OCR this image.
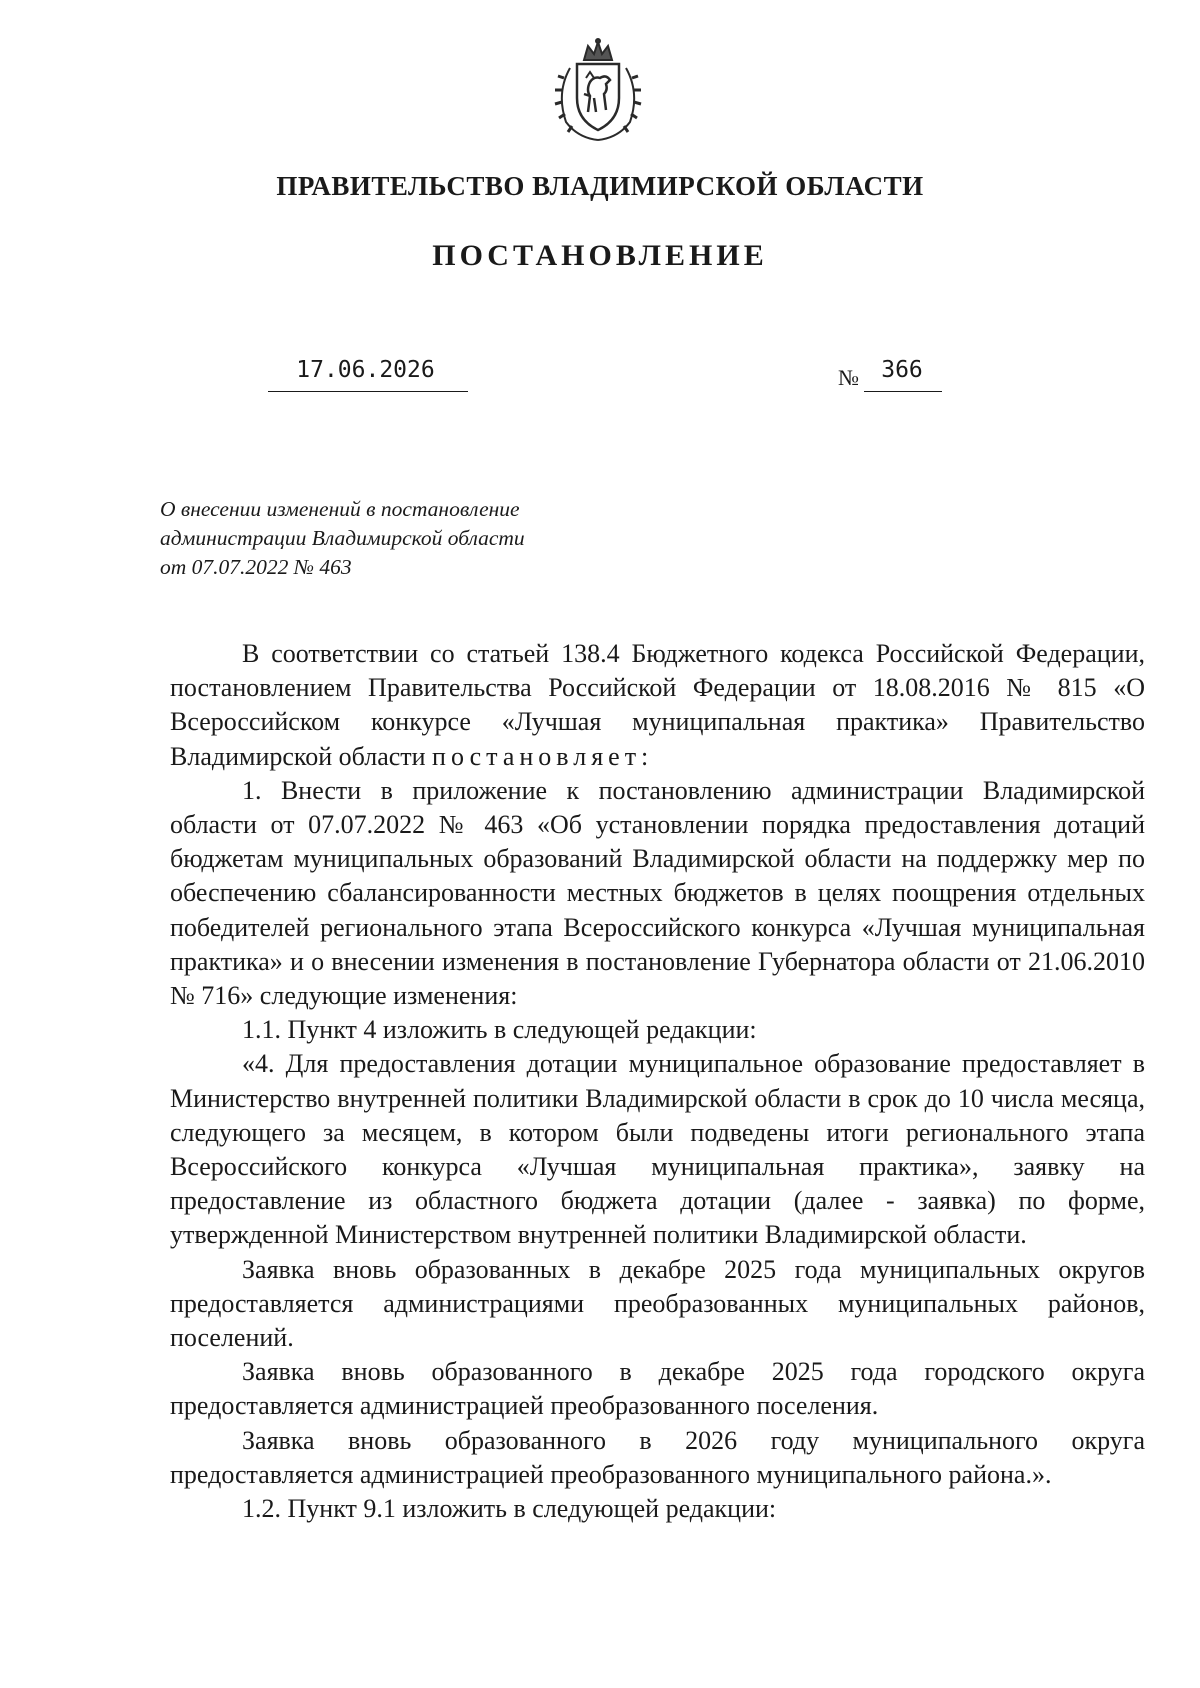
ПРАВИТЕЛЬСТВО ВЛАДИМИРСКОЙ ОБЛАСТИ
ПОСТАНОВЛЕНИЕ
17.06.2026	№ 366
О внесении изменений в постановление
администрации Владимирской области
от 07.07.2022 № 463

В соответствии со статьей 138.4 Бюджетного кодекса Российской Федерации, постановлением Правительства Российской Федерации от 18.08.2016 № 815 «О Всероссийском конкурсе «Лучшая муниципальная практика» Правительство Владимирской области постановляет:

1. Внести в приложение к постановлению администрации Владимирской области от 07.07.2022 № 463 «Об установлении порядка предоставления дотаций бюджетам муниципальных образований Владимирской области на поддержку мер по обеспечению сбалансированности местных бюджетов в целях поощрения отдельных победителей регионального этапа Всероссийского конкурса «Лучшая муниципальная практика» и о внесении изменения в постановление Губернатора области от 21.06.2010 № 716» следующие изменения:

1.1. Пункт 4 изложить в следующей редакции:

«4. Для предоставления дотации муниципальное образование предоставляет в Министерство внутренней политики Владимирской области в срок до 10 числа месяца, следующего за месяцем, в котором были подведены итоги регионального этапа Всероссийского конкурса «Лучшая муниципальная практика», заявку на предоставление из областного бюджета дотации (далее - заявка) по форме, утвержденной Министерством внутренней политики Владимирской области.

Заявка вновь образованных в декабре 2025 года муниципальных округов предоставляется администрациями преобразованных муниципальных районов, поселений.

Заявка вновь образованного в декабре 2025 года городского округа предоставляется администрацией преобразованного поселения.

Заявка вновь образованного в 2026 году муниципального округа предоставляется администрацией преобразованного муниципального района.».

1.2. Пункт 9.1 изложить в следующей редакции:
